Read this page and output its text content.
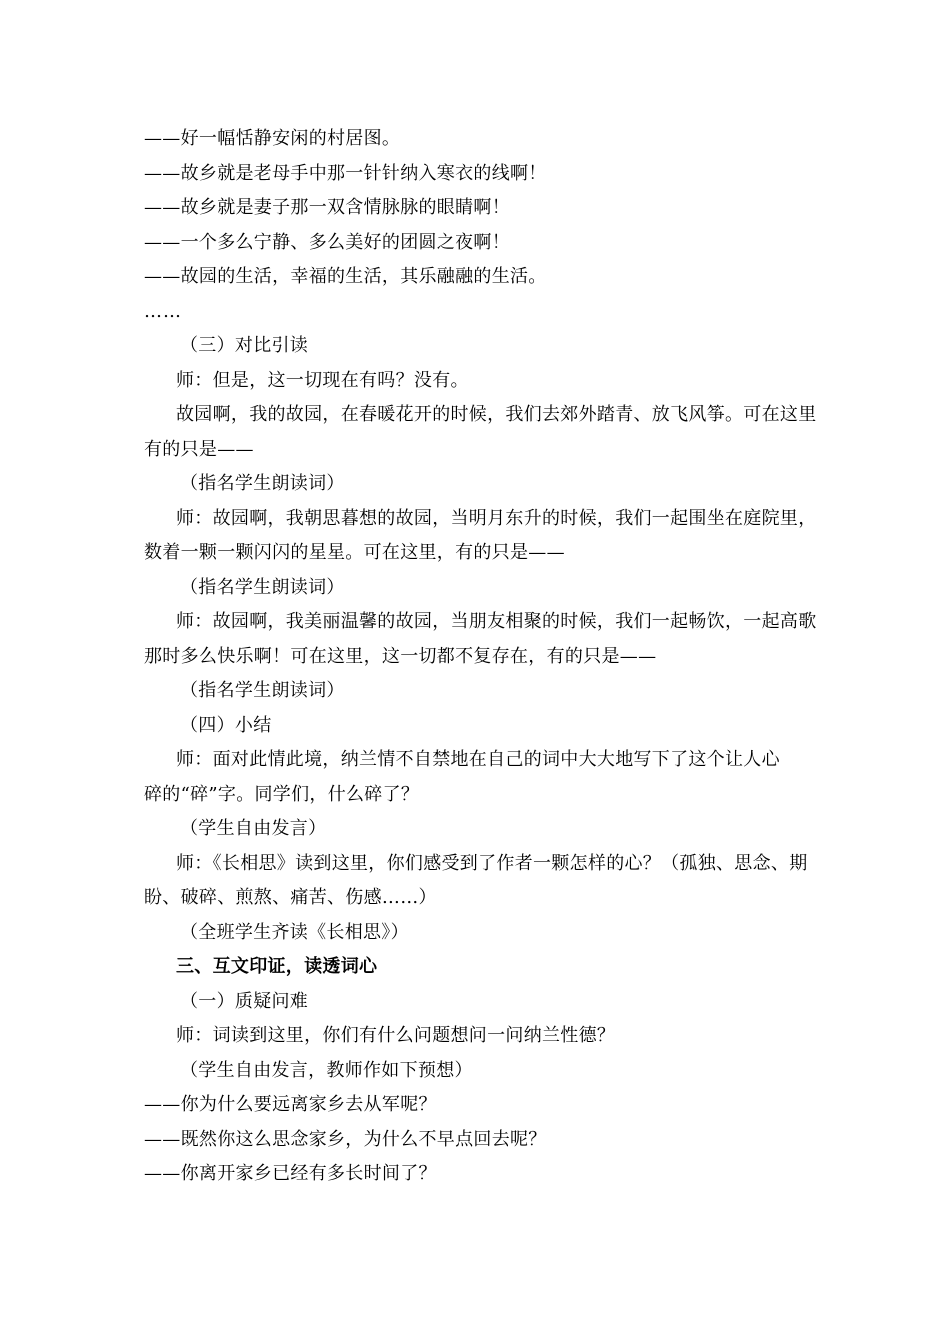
——好一幅恬静安闲的村居图。
——故乡就是老母手中那一针针纳入寒衣的线啊！
——故乡就是妻子那一双含情脉脉的眼睛啊！
——一个多么宁静、多么美好的团圆之夜啊！
——故园的生活，幸福的生活，其乐融融的生活。
……
（三）对比引读
师：但是，这一切现在有吗？没有。
故园啊，我的故园，在春暖花开的时候，我们去郊外踏青、放飞风筝。可在这里
有的只是——
（指名学生朗读词）
师：故园啊，我朝思暮想的故园，当明月东升的时候，我们一起围坐在庭院里，
数着一颗一颗闪闪的星星。可在这里，有的只是——
（指名学生朗读词）
师：故园啊，我美丽温馨的故园，当朋友相聚的时候，我们一起畅饮，一起高歌
那时多么快乐啊！可在这里，这一切都不复存在，有的只是——
（指名学生朗读词）
（四）小结
师：面对此情此境，纳兰情不自禁地在自己的词中大大地写下了这个让人心
碎的“碎”字。同学们，什么碎了？
（学生自由发言）
师：《长相思》读到这里，你们感受到了作者一颗怎样的心？（孤独、思念、期
盼、破碎、煎熬、痛苦、伤感……）
（全班学生齐读《长相思》）
三、互文印证，读透词心
（一）质疑问难
师：词读到这里，你们有什么问题想问一问纳兰性德？
（学生自由发言，教师作如下预想）
——你为什么要远离家乡去从军呢？
——既然你这么思念家乡，为什么不早点回去呢？
——你离开家乡已经有多长时间了？
